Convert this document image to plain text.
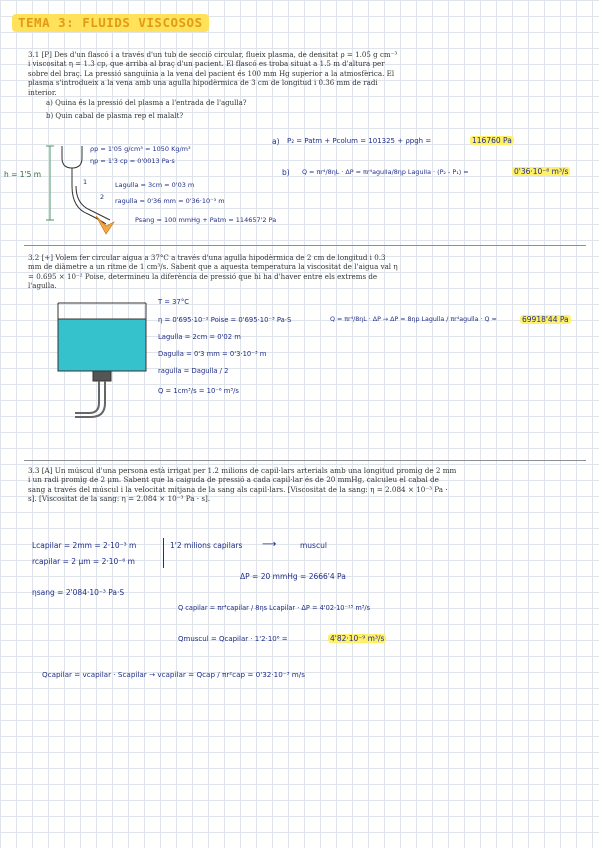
TEMA 3: FLUIDS VISCOSOS
3.1 [P] Des d'un flascó i a través d'un tub de secció circular, flueix plasma, de densitat ρ = 1.05 g cm⁻³ i viscositat η = 1.3 cp, que arriba al braç d'un pacient. El flascó es troba situat a 1.5 m d'altura per sobre del braç. La pressió sanguínia a la vena del pacient és 100 mm Hg superior a la atmosfèrica. El plasma s'introdueix a la vena amb una agulla hipodèrmica de 3 cm de longitud i 0.36 mm de radi interior.
a) Quina és la pressió del plasma a l'entrada de l'agulla?
b) Quin cabal de plasma rep el malalt?
h = 1'5 m
1
2
ρp = 1'05 g/cm³ = 1050 Kg/m³
ηp = 1'3 cp = 0'0013 Pa·s
Lagulla = 3cm = 0'03 m
ragulla = 0'36 mm = 0'36·10⁻³ m
Psang = 100 mmHg + Patm = 114657'2 Pa
a) P₂ = Patm + Pcolum = 101325 + ρpgh =	116760 Pa
b) Q = πr⁴/8ηL · ΔP = πr⁴agulla/8ηp Lagulla · (P₂ - P₁) =	0'36·10⁻⁶ m³/s
3.2 [+] Volem fer circular aigua a 37°C a través d'una agulla hipodèrmica de 2 cm de longitud i 0.3 mm de diàmetre a un ritme de 1 cm³/s. Sabent que a aquesta temperatura la viscositat de l'aigua val η = 0.695 × 10⁻² Poise, determineu la diferència de pressió que hi ha d'haver entre els extrems de l'agulla.
T = 37°C
η = 0'695·10⁻² Poise = 0'695·10⁻³ Pa·S
Lagulla = 2cm = 0'02 m
Dagulla = 0'3 mm = 0'3·10⁻³ m
ragulla = Dagulla / 2
Q = 1cm³/s = 10⁻⁶ m³/s
Q = πr⁴/8ηL · ΔP → ΔP = 8ηp Lagulla / πr⁴agulla · Q =	69918'44 Pa
3.3 [A] Un múscul d'una persona està irrigat per 1.2 milions de capil·lars arterials amb una longitud promig de 2 mm i un radi promig de 2 μm. Sabent que la caiguda de pressió a cada capil·lar és de 20 mmHg, calculeu el cabal de sang a través del múscul i la velocitat mitjana de la sang als capil·lars. [Viscositat de la sang: η = 2.084 × 10⁻³ Pa · s]. [Viscositat de la sang: η = 2.084 × 10⁻³ Pa · s].
Lcapilar = 2mm = 2·10⁻³ m
rcapilar = 2 μm = 2·10⁻⁶ m
1'2 milions capilars ⟶	muscul
ΔP = 20 mmHg = 2666'4 Pa
ηsang = 2'084·10⁻³ Pa·S
Q capilar = πr⁴capilar / 8ηs Lcapilar · ΔP = 4'02·10⁻¹⁵ m³/s
Qmuscul = Qcapilar · 1'2·10⁶ =	4'82·10⁻⁹ m³/s
Qcapilar = vcapilar · Scapilar → vcapilar = Qcap / πr²cap = 0'32·10⁻³ m/s
